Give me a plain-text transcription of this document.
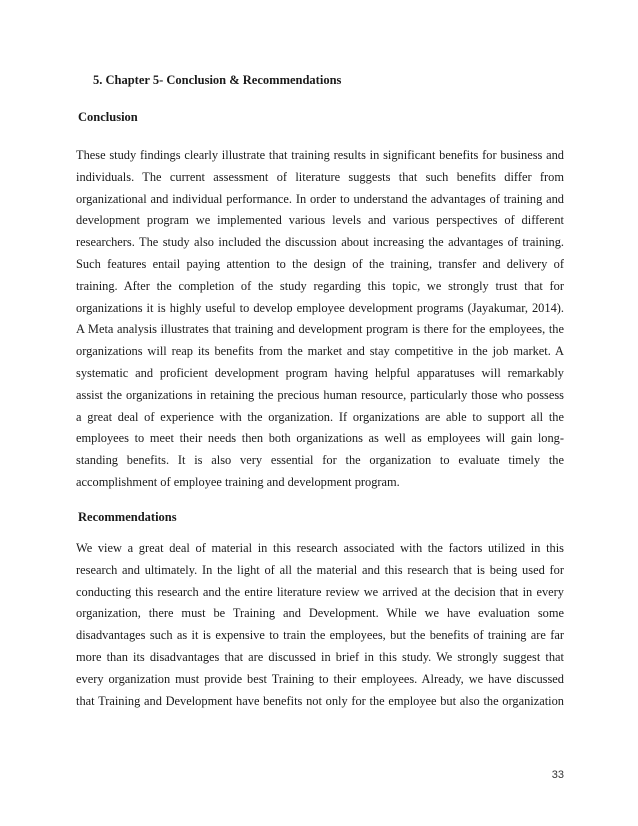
5. Chapter 5- Conclusion & Recommendations
Conclusion
These study findings clearly illustrate that training results in significant benefits for business and
individuals. The current assessment of literature suggests that such benefits differ from
organizational and individual performance. In order to understand the advantages of training and
development program we implemented various levels and various perspectives of different
researchers. The study also included the discussion about increasing the advantages of training.
Such features entail paying attention to the design of the training, transfer and delivery of
training. After the completion of the study regarding this topic, we strongly trust that for
organizations it is highly useful to develop employee development programs (Jayakumar, 2014).
A Meta analysis illustrates that training and development program is there for the employees, the
organizations will reap its benefits from the market and stay competitive in the job market. A
systematic and proficient development program having helpful apparatuses will remarkably
assist the organizations in retaining the precious human resource, particularly those who possess
a great deal of experience with the organization. If organizations are able to support all the
employees to meet their needs then both organizations as well as employees will gain long-
standing benefits. It is also very essential for the organization to evaluate timely the
accomplishment of employee training and development program.
Recommendations
We view a great deal of material in this research associated with the factors utilized in this
research and ultimately. In the light of all the material and this research that is being used for
conducting this research and the entire literature review we arrived at the decision that in every
organization, there must be Training and Development. While we have evaluation some
disadvantages such as it is expensive to train the employees, but the benefits of training are far
more than its disadvantages that are discussed in brief in this study. We strongly suggest that
every organization must provide best Training to their employees. Already, we have discussed
that Training and Development have benefits not only for the employee but also the organization
33
